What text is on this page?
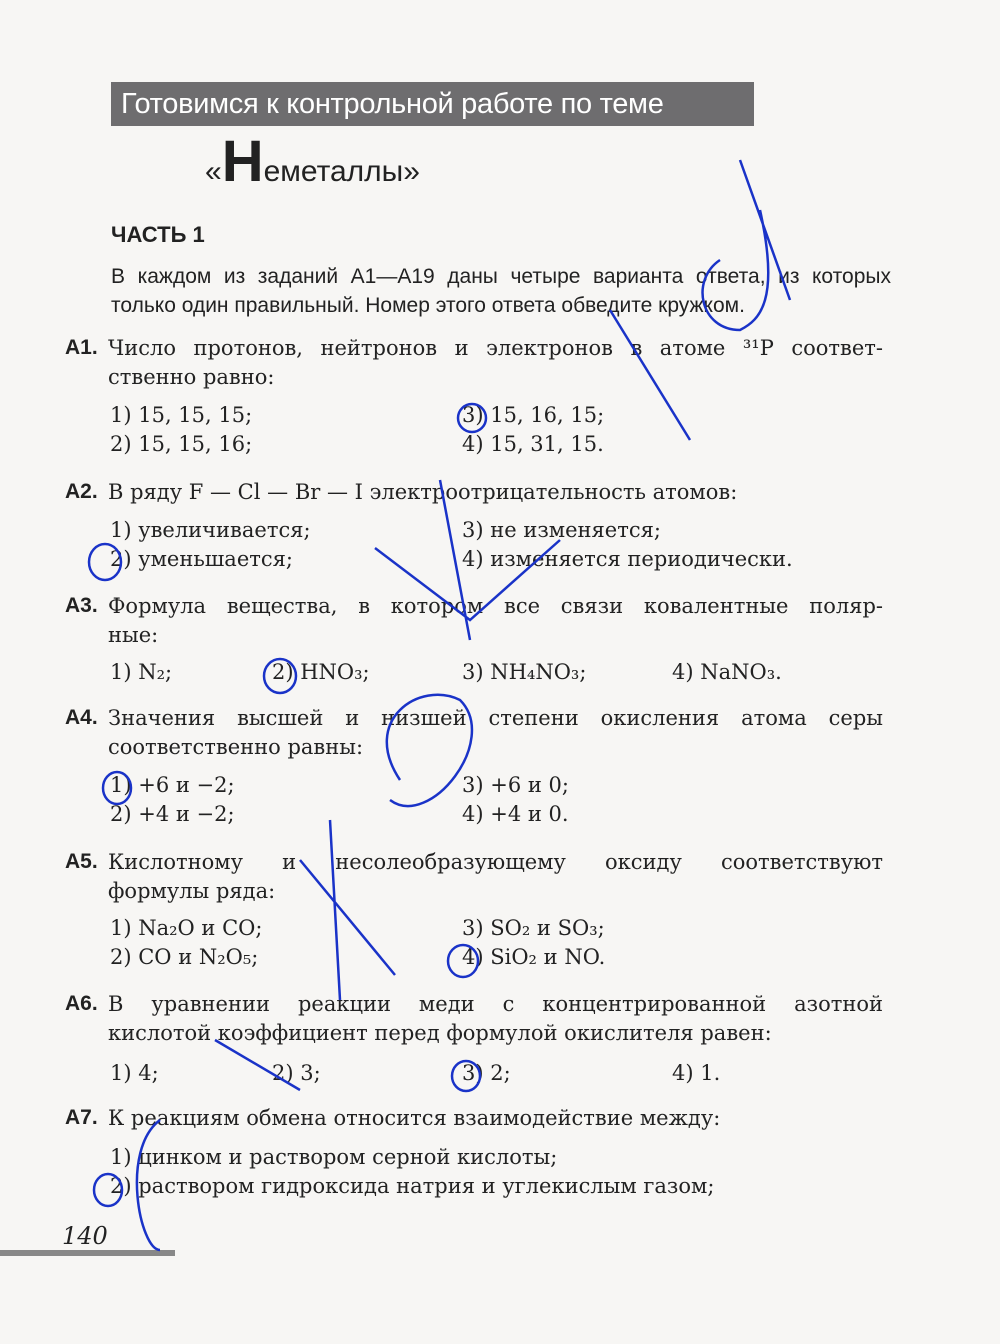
Готовимся к контрольной работе по теме
«Неметаллы»
ЧАСТЬ 1
В каждом из заданий А1—А19 даны четыре варианта ответа, из которых только один правильный. Номер этого ответа обведите кружком.
А1. Число протонов, нейтронов и электронов в атоме ³¹P соответ-
ственно равно:
1) 15, 15, 15;
2) 15, 15, 16;
3) 15, 16, 15;
4) 15, 31, 15.
А2. В ряду F — Cl — Br — I электроотрицательность атомов:
1) увеличивается;
2) уменьшается;
3) не изменяется;
4) изменяется периодически.
А3. Формула вещества, в котором все связи ковалентные поляр-
ные:
1) N₂;	2) HNO₃;	3) NH₄NO₃;	4) NaNO₃.
А4. Значения высшей и низшей степени окисления атома серы
соответственно равны:
1) +6 и −2;
2) +4 и −2;
3) +6 и 0;
4) +4 и 0.
А5. Кислотному и несолеобразующему оксиду соответствуют
формулы ряда:
1) Na₂O и CO;
2) CO и N₂O₅;
3) SO₂ и SO₃;
4) SiO₂ и NO.
А6. В уравнении реакции меди с концентрированной азотной
кислотой коэффициент перед формулой окислителя равен:
1) 4;	2) 3;	3) 2;	4) 1.
А7. К реакциям обмена относится взаимодействие между:
1) цинком и раствором серной кислоты;
2) раствором гидроксида натрия и углекислым газом;
140
